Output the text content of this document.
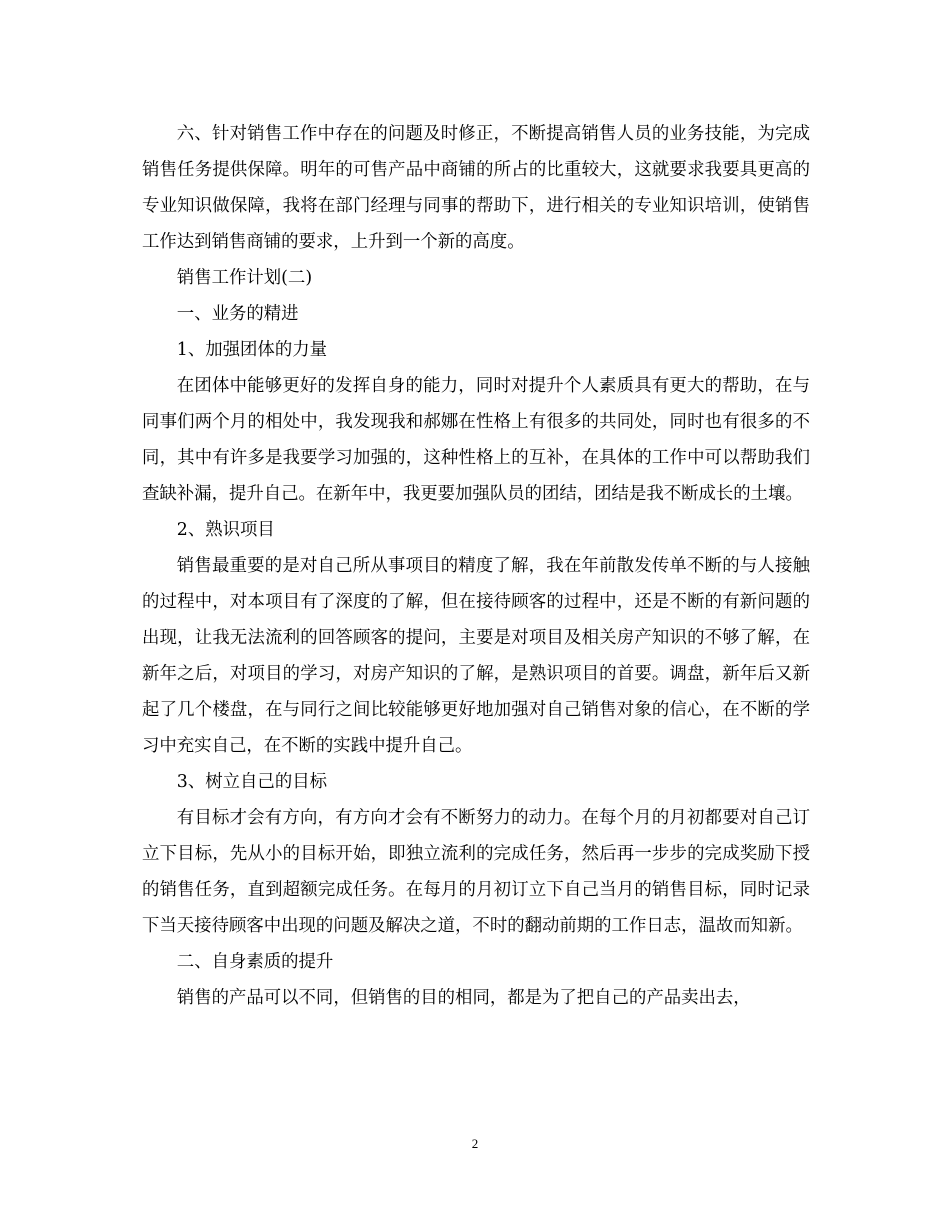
六、针对销售工作中存在的问题及时修正，不断提高销售人员的业务技能，为完成销售任务提供保障。明年的可售产品中商铺的所占的比重较大，这就要求我要具更高的专业知识做保障，我将在部门经理与同事的帮助下，进行相关的专业知识培训，使销售工作达到销售商铺的要求，上升到一个新的高度。

销售工作计划(二)

一、业务的精进

1、加强团体的力量

在团体中能够更好的发挥自身的能力，同时对提升个人素质具有更大的帮助，在与同事们两个月的相处中，我发现我和郝娜在性格上有很多的共同处，同时也有很多的不同，其中有许多是我要学习加强的，这种性格上的互补，在具体的工作中可以帮助我们查缺补漏，提升自己。在新年中，我更要加强队员的团结，团结是我不断成长的土壤。

2、熟识项目

销售最重要的是对自己所从事项目的精度了解，我在年前散发传单不断的与人接触的过程中，对本项目有了深度的了解，但在接待顾客的过程中，还是不断的有新问题的出现，让我无法流利的回答顾客的提问，主要是对项目及相关房产知识的不够了解，在新年之后，对项目的学习，对房产知识的了解，是熟识项目的首要。调盘，新年后又新起了几个楼盘，在与同行之间比较能够更好地加强对自己销售对象的信心，在不断的学习中充实自己，在不断的实践中提升自己。

3、树立自己的目标

有目标才会有方向，有方向才会有不断努力的动力。在每个月的月初都要对自己订立下目标，先从小的目标开始，即独立流利的完成任务，然后再一步步的完成奖励下授的销售任务，直到超额完成任务。在每月的月初订立下自己当月的销售目标，同时记录下当天接待顾客中出现的问题及解决之道，不时的翻动前期的工作日志，温故而知新。

二、自身素质的提升

销售的产品可以不同，但销售的目的相同，都是为了把自己的产品卖出去，

2
